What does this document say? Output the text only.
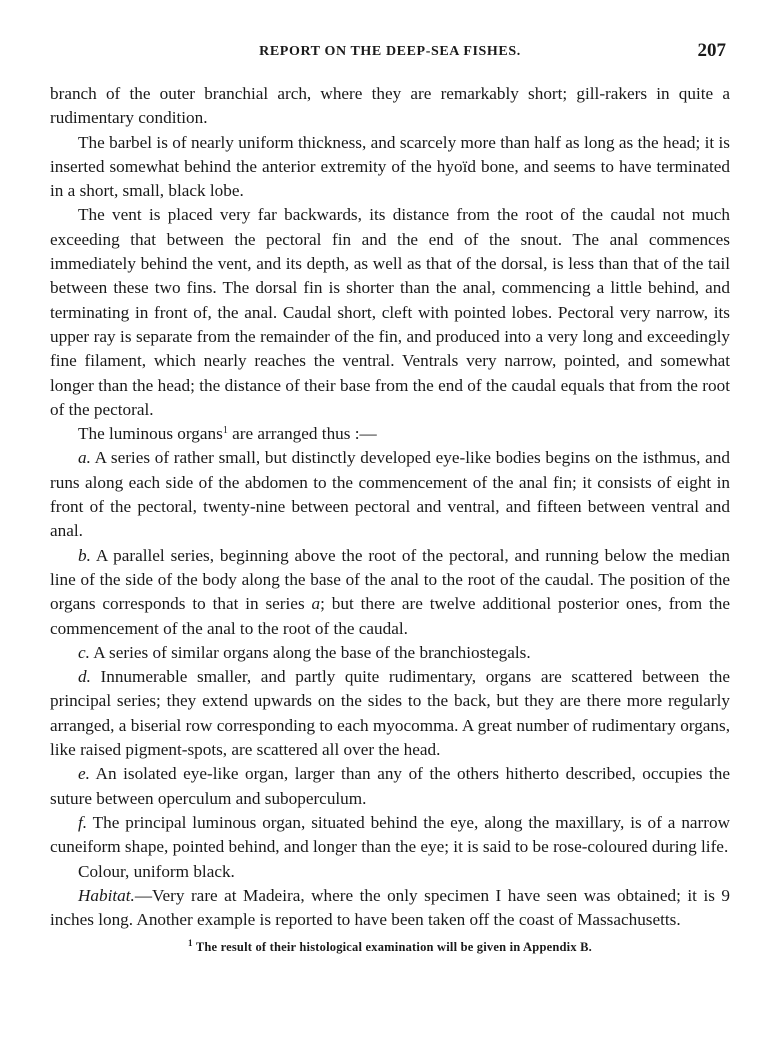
REPORT ON THE DEEP-SEA FISHES.	207

branch of the outer branchial arch, where they are remarkably short; gill-rakers in quite a rudimentary condition.

The barbel is of nearly uniform thickness, and scarcely more than half as long as the head; it is inserted somewhat behind the anterior extremity of the hyoïd bone, and seems to have terminated in a short, small, black lobe.

The vent is placed very far backwards, its distance from the root of the caudal not much exceeding that between the pectoral fin and the end of the snout. The anal commences immediately behind the vent, and its depth, as well as that of the dorsal, is less than that of the tail between these two fins. The dorsal fin is shorter than the anal, commencing a little behind, and terminating in front of, the anal. Caudal short, cleft with pointed lobes. Pectoral very narrow, its upper ray is separate from the remainder of the fin, and produced into a very long and exceedingly fine filament, which nearly reaches the ventral. Ventrals very narrow, pointed, and somewhat longer than the head; the distance of their base from the end of the caudal equals that from the root of the pectoral.

The luminous organs$^1$ are arranged thus :—

a. A series of rather small, but distinctly developed eye-like bodies begins on the isthmus, and runs along each side of the abdomen to the commencement of the anal fin; it consists of eight in front of the pectoral, twenty-nine between pectoral and ventral, and fifteen between ventral and anal.

b. A parallel series, beginning above the root of the pectoral, and running below the median line of the side of the body along the base of the anal to the root of the caudal. The position of the organs corresponds to that in series a; but there are twelve additional posterior ones, from the commencement of the anal to the root of the caudal.

c. A series of similar organs along the base of the branchiostegals.

d. Innumerable smaller, and partly quite rudimentary, organs are scattered between the principal series; they extend upwards on the sides to the back, but they are there more regularly arranged, a biserial row corresponding to each myocomma. A great number of rudimentary organs, like raised pigment-spots, are scattered all over the head.

e. An isolated eye-like organ, larger than any of the others hitherto described, occupies the suture between operculum and suboperculum.

f. The principal luminous organ, situated behind the eye, along the maxillary, is of a narrow cuneiform shape, pointed behind, and longer than the eye; it is said to be rose-coloured during life.

Colour, uniform black.

Habitat.—Very rare at Madeira, where the only specimen I have seen was obtained; it is 9 inches long. Another example is reported to have been taken off the coast of Massachusetts.

$^1$ The result of their histological examination will be given in Appendix B.
